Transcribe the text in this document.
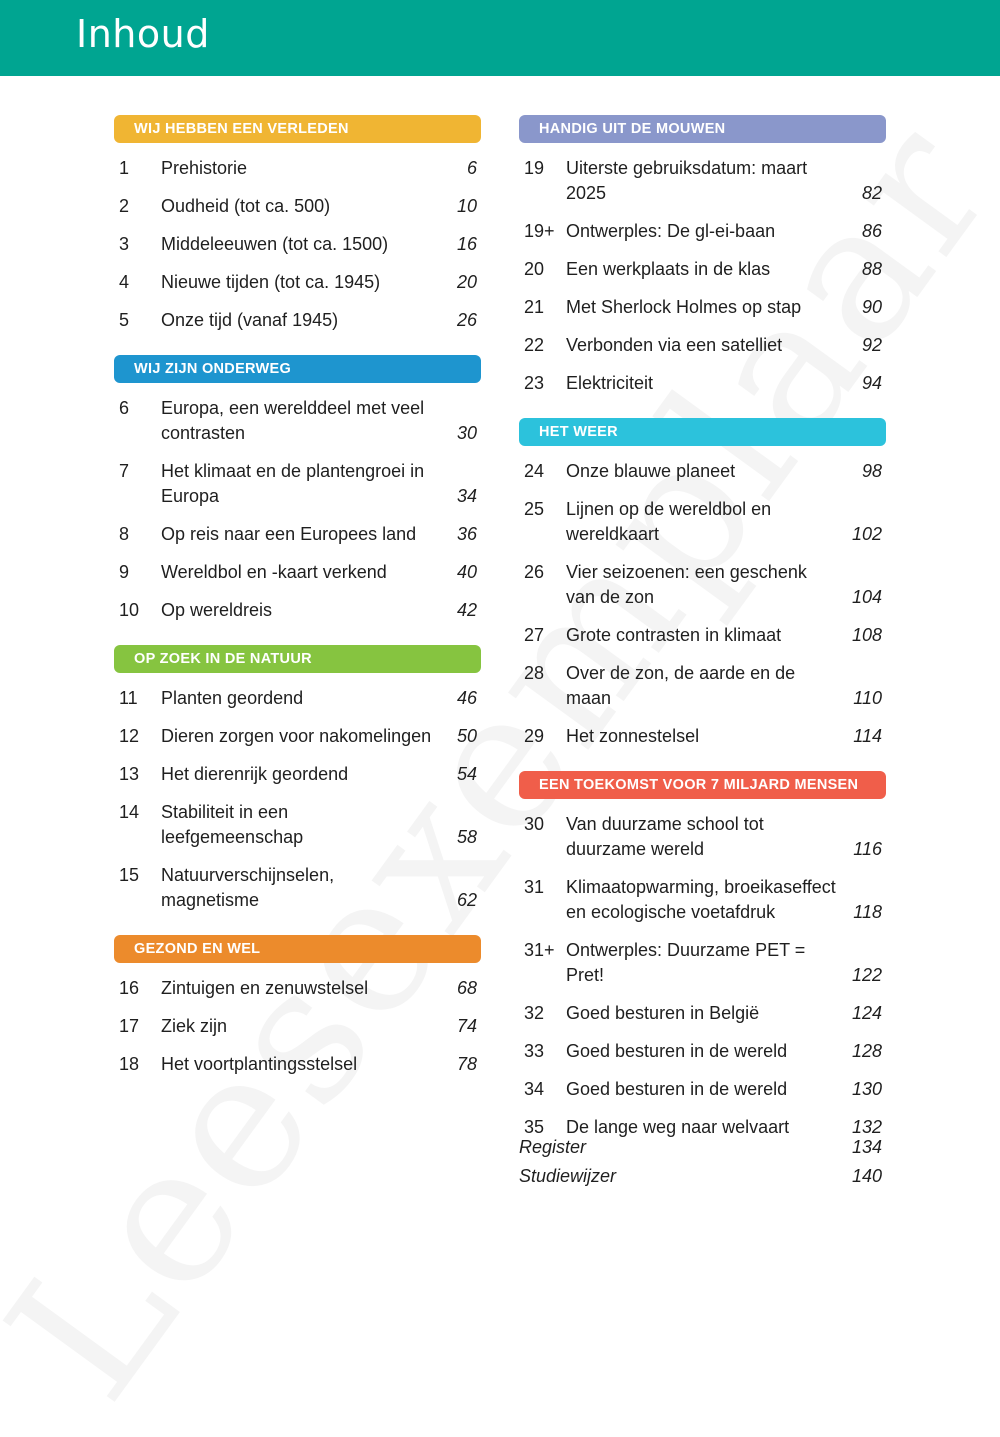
Inhoud
WIJ HEBBEN EEN VERLEDEN
1	Prehistorie	6
2	Oudheid (tot ca. 500)	10
3	Middeleeuwen (tot ca. 1500)	16
4	Nieuwe tijden (tot ca. 1945)	20
5	Onze tijd (vanaf 1945)	26
WIJ ZIJN ONDERWEG
6	Europa, een werelddeel met veel contrasten	30
7	Het klimaat en de plantengroei in Europa	34
8	Op reis naar een Europees land	36
9	Wereldbol en -kaart verkend	40
10	Op wereldreis	42
OP ZOEK IN DE NATUUR
11	Planten geordend	46
12	Dieren zorgen voor nakomelingen	50
13	Het dierenrijk geordend	54
14	Stabiliteit in een leefgemeenschap	58
15	Natuurverschijnselen, magnetisme	62
GEZOND EN WEL
16	Zintuigen en zenuwstelsel	68
17	Ziek zijn	74
18	Het voortplantingsstelsel	78
HANDIG UIT DE MOUWEN
19	Uiterste gebruiksdatum: maart 2025	82
19+ Ontwerples: De gl-ei-baan	86
20	Een werkplaats in de klas	88
21	Met Sherlock Holmes op stap	90
22	Verbonden via een satelliet	92
23	Elektriciteit	94
HET WEER
24	Onze blauwe planeet	98
25	Lijnen op de wereldbol en wereldkaart	102
26	Vier seizoenen: een geschenk van de zon	104
27	Grote contrasten in klimaat	108
28	Over de zon, de aarde en de maan	110
29	Het zonnestelsel	114
EEN TOEKOMST VOOR 7 MILJARD MENSEN
30	Van duurzame school tot duurzame wereld	116
31	Klimaatopwarming, broeikaseffect en ecologische voetafdruk	118
31+ Ontwerples: Duurzame PET = Pret!	122
32	Goed besturen in België	124
33	Goed besturen in de wereld	128
34	Goed besturen in de wereld	130
35	De lange weg naar welvaart	132
Register	134
Studiewijzer	140
